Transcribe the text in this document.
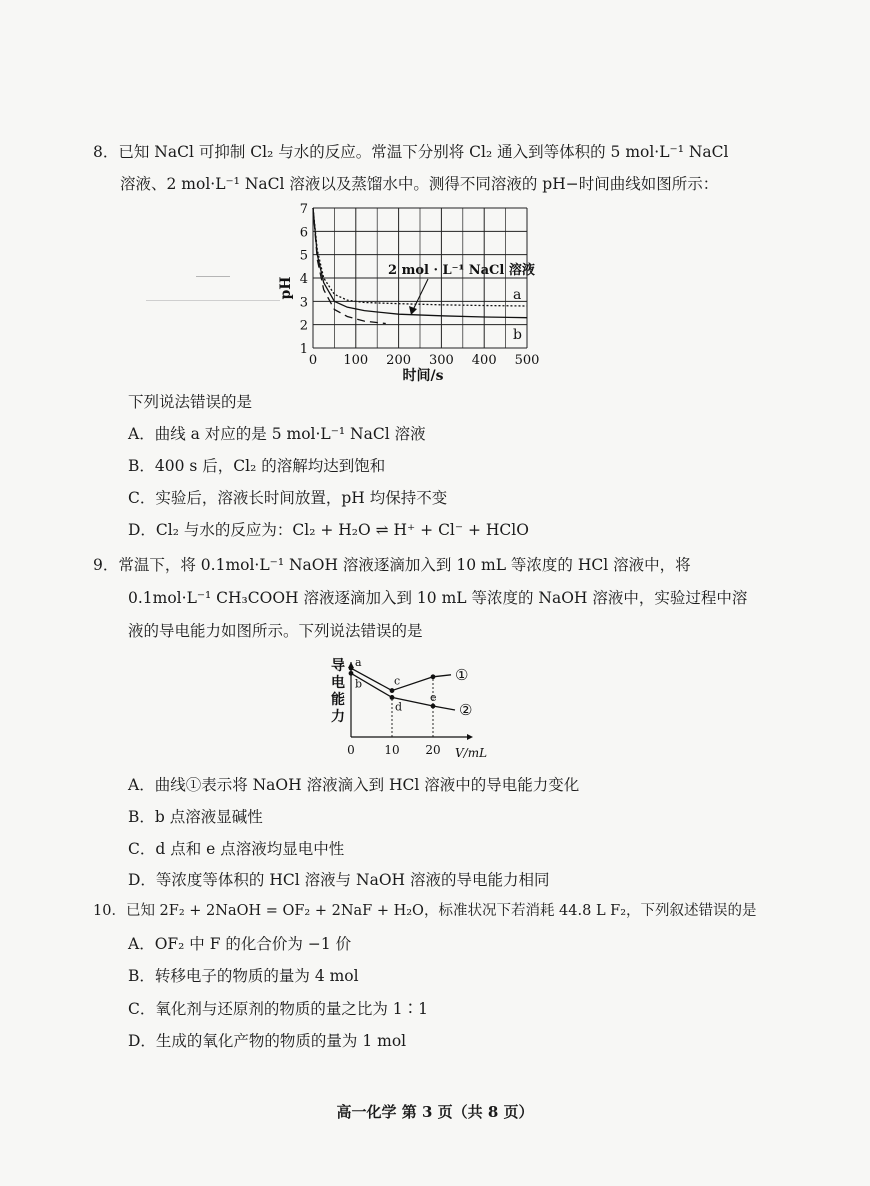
8．已知 NaCl 可抑制 Cl₂ 与水的反应。常温下分别将 Cl₂ 通入到等体积的 5 mol·L⁻¹ NaCl
溶液、2 mol·L⁻¹ NaCl 溶液以及蒸馏水中。测得不同溶液的 pH−时间曲线如图所示：
0 100 200 300 400 500
1
2
3
4
5
6
7
pH
时间/s
2 mol · L⁻¹ NaCl 溶液
a
b
下列说法错误的是
A．曲线 a 对应的是 5 mol·L⁻¹ NaCl 溶液
B．400 s 后，Cl₂ 的溶解均达到饱和
C．实验后，溶液长时间放置，pH 均保持不变
D．Cl₂ 与水的反应为：Cl₂ + H₂O ⇌ H⁺ + Cl⁻ + HClO
9．常温下，将 0.1mol·L⁻¹ NaOH 溶液逐滴加入到 10 mL 等浓度的 HCl 溶液中，将
0.1mol·L⁻¹ CH₃COOH 溶液逐滴加入到 10 mL 等浓度的 NaOH 溶液中，实验过程中溶
液的导电能力如图所示。下列说法错误的是
导
电
能
力
0 10 20
a
c	①
b
d
e
②
V/mL
A．曲线①表示将 NaOH 溶液滴入到 HCl 溶液中的导电能力变化
B．b 点溶液显碱性
C．d 点和 e 点溶液均显电中性
D．等浓度等体积的 HCl 溶液与 NaOH 溶液的导电能力相同
10．已知 2F₂ + 2NaOH = OF₂ + 2NaF + H₂O，标准状况下若消耗 44.8 L F₂，下列叙述错误的是
A．OF₂ 中 F 的化合价为 −1 价
B．转移电子的物质的量为 4 mol
C．氧化剂与还原剂的物质的量之比为 1∶1
D．生成的氧化产物的物质的量为 1 mol
高一化学 第 3 页（共 8 页）
